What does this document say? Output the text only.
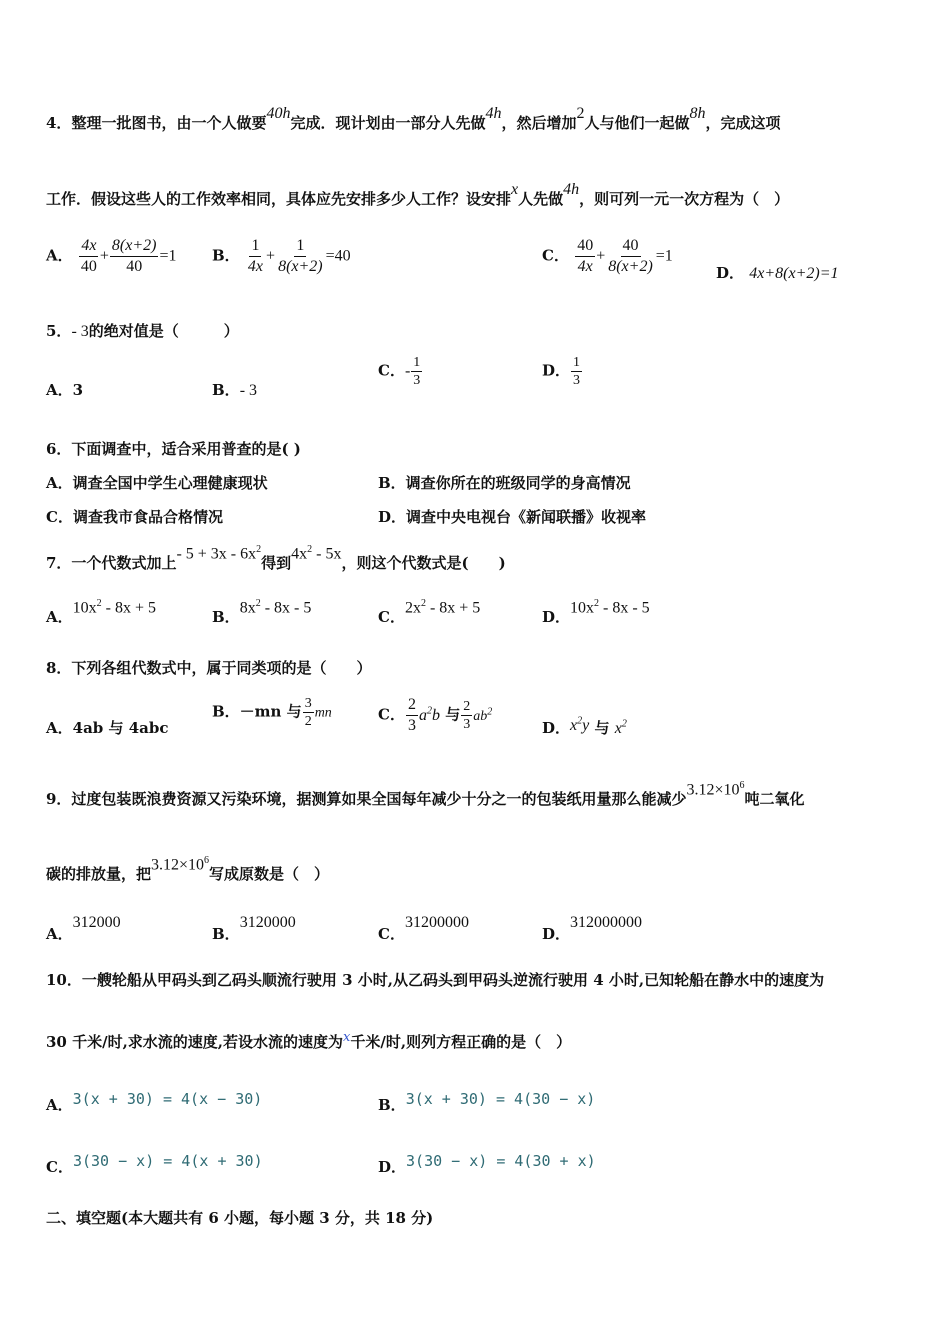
4．整理一批图书，由一个人做要40h完成．现计划由一部分人先做4h，然后增加2人与他们一起做8h，完成这项
工作．假设这些人的工作效率相同，具体应先安排多少人工作？设安排x人先做4h，则可列一元一次方程为（　）
A． $\frac{4x}{40} + \frac{8(x+2)}{40} =1$ B． $\frac{1}{4x} + \frac{1}{8(x+2)} =40$	C． $\frac{40}{4x} + \frac{40}{8(x+2)} =1$
D． 4x+8(x+2)=1
5．- 3的绝对值是（　　　）
A．3	B．- 3
C．- $\frac{1}{3}$	D． $\frac{1}{3}$
6．下面调查中，适合采用普查的是( )
A．调查全国中学生心理健康现状	B．调查你所在的班级同学的身高情况
C．调查我市食品合格情况	D．调查中央电视台《新闻联播》收视率
7．一个代数式加上- $5 + 3x - 6x^2$得到$4x^2 - 5x$，则这个代数式是(　　)
A．$10x^2 - 8x + 5$
B．$8x^2 - 8x - 5$
C．$2x^2 - 8x + 5$
D．$10x^2 - 8x - 5$
8．下列各组代数式中，属于同类项的是（　　）
A．4ab 与 4abc
B．－mn 与 $\frac{3}{2}$ mn	C． $\frac{2}{3} a^2b$ 与 $\frac{2}{3} ab^2$
D．$x^2y$ 与 $x^2$
9．过度包装既浪费资源又污染环境，据测算如果全国每年减少十分之一的包装纸用量那么能减少$3.12\times 10^6$吨二氧化
碳的排放量，把$3.12\times 10^6$写成原数是（　）
A．312000
B．3120000
C．31200000
D．312000000
10．一艘轮船从甲码头到乙码头顺流行驶用 3 小时,从乙码头到甲码头逆流行驶用 4 小时,已知轮船在静水中的速度为
30 千米/时,求水流的速度,若设水流的速度为x千米/时,则列方程正确的是（　）
A．3(x + 30) = 4(x − 30)	B．3(x + 30) = 4(30 − x)
C．3(30 − x) = 4(x + 30)	D．3(30 − x) = 4(30 + x)
二、填空题(本大题共有 6 小题，每小题 3 分，共 18 分)
